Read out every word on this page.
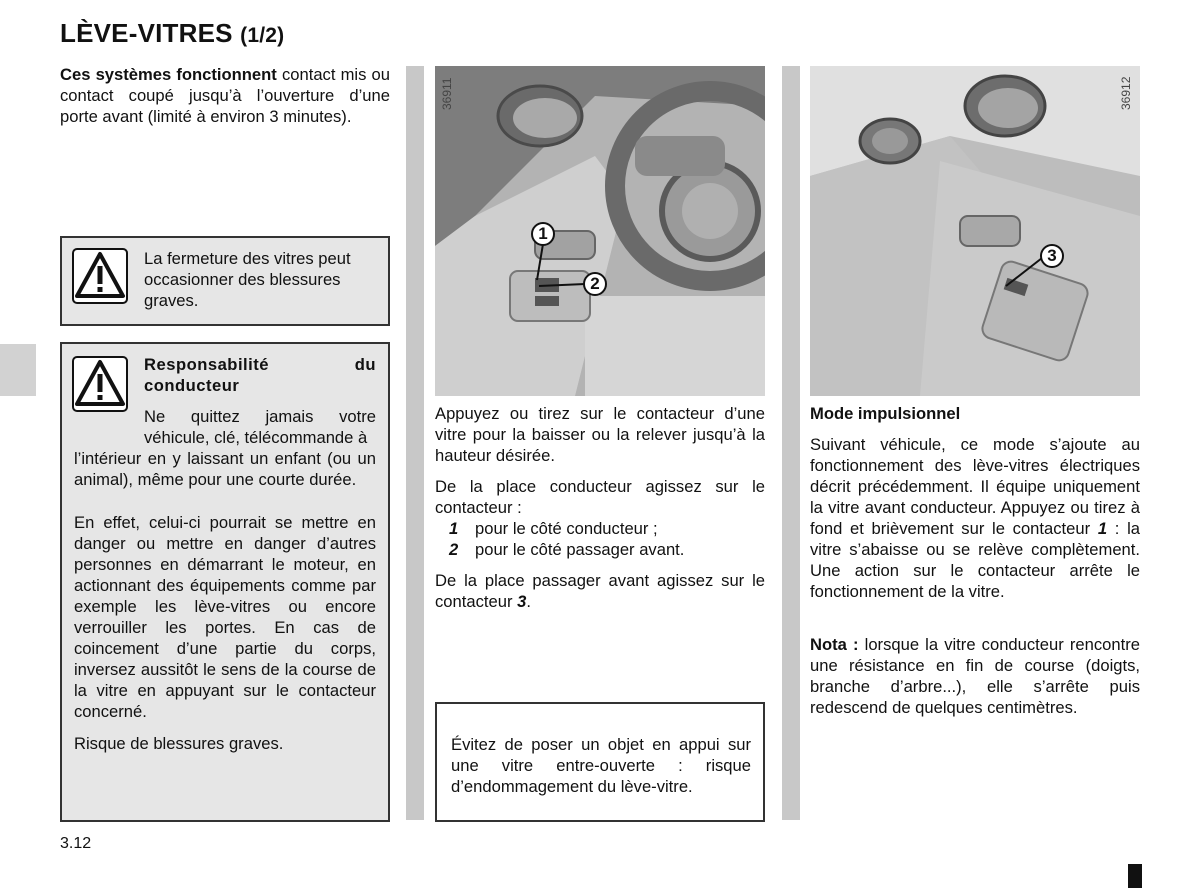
LÈVE-VITRES (1/2)

Ces systèmes fonctionnent contact mis ou contact coupé jusqu’à l’ouverture d’une porte avant (limité à environ 3 minutes).

La fermeture des vitres peut occasionner des blessures graves.

Responsabilité du conducteur

Ne quittez jamais votre véhicule, clé, télécommande à

l’intérieur en y laissant un enfant (ou un animal), même pour une courte durée.

En effet, celui-ci pourrait se mettre en danger ou mettre en danger d’autres personnes en démarrant le moteur, en actionnant des équipements comme par exemple les lève-vitres ou encore verrouiller les portes. En cas de coincement d’une partie du corps, inversez aussitôt le sens de la course de la vitre en appuyant sur le contacteur concerné.

Risque de blessures graves.

3.12
36911
1
2

Appuyez ou tirez sur le contacteur d’une vitre pour la baisser ou la relever jusqu’à la hauteur désirée.

De la place conducteur agissez sur le contacteur :

1	pour le côté conducteur ;
2	pour le côté passager avant.

De la place passager avant agissez sur le contacteur 3.

Évitez de poser un objet en appui sur une vitre entre-ouverte : risque d’endommagement du lève-vitre.

36912
3

Mode impulsionnel

Suivant véhicule, ce mode s’ajoute au fonctionnement des lève-vitres électriques décrit précédemment. Il équipe uniquement la vitre avant conducteur. Appuyez ou tirez à fond et brièvement sur le contacteur 1 : la vitre s’abaisse ou se relève complètement. Une action sur le contacteur arrête le fonctionnement de la vitre.

Nota : lorsque la vitre conducteur rencontre une résistance en fin de course (doigts, branche d’arbre...), elle s’arrête puis redescend de quelques centimètres.
